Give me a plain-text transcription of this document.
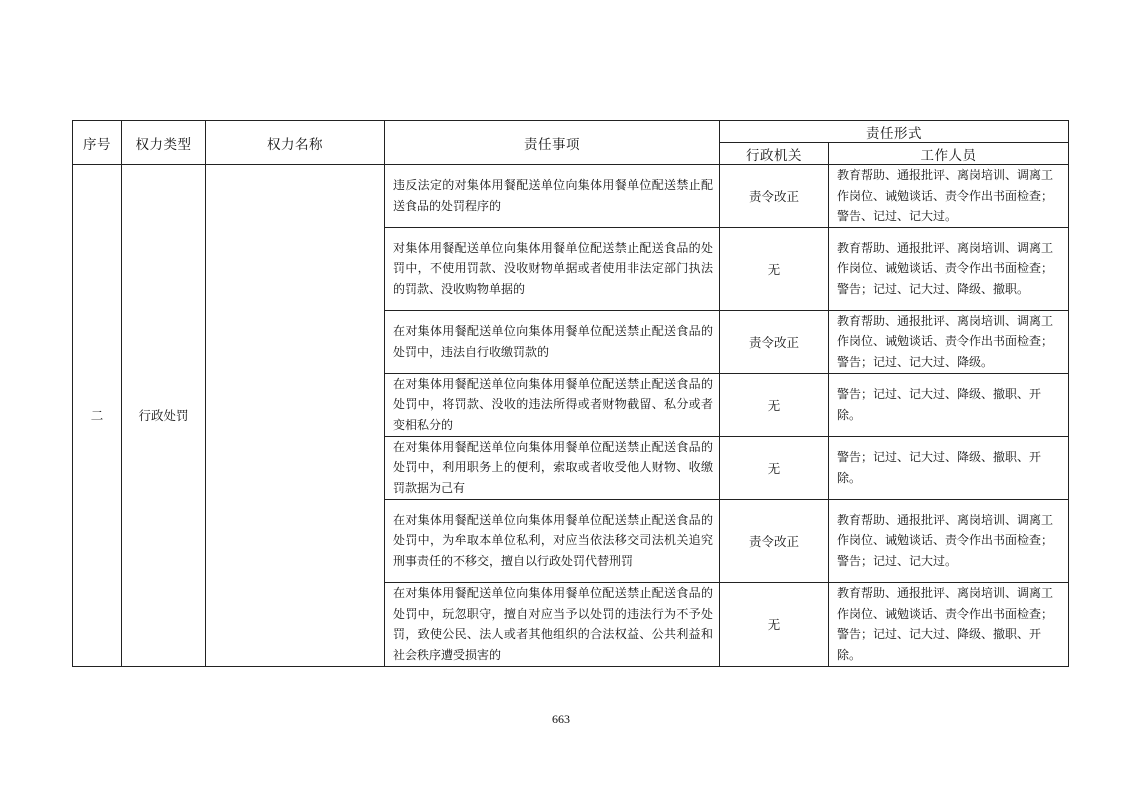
序号	权力类型	权力名称	责任事项	责任形式	
				行政机关	工作人员
二	行政处罚		违反法定的对集体用餐配送单位向集体用餐单位配送禁止配送食品的处罚程序的	责令改正	教育帮助、通报批评、离岗培训、调离工作岗位、诫勉谈话、责令作出书面检查；警告、记过、记大过。
			对集体用餐配送单位向集体用餐单位配送禁止配送食品的处罚中，不使用罚款、没收财物单据或者使用非法定部门执法的罚款、没收购物单据的	无	教育帮助、通报批评、离岗培训、调离工作岗位、诫勉谈话、责令作出书面检查；警告；记过、记大过、降级、撤职。
			在对集体用餐配送单位向集体用餐单位配送禁止配送食品的处罚中，违法自行收缴罚款的	责令改正	教育帮助、通报批评、离岗培训、调离工作岗位、诫勉谈话、责令作出书面检查；警告；记过、记大过、降级。
			在对集体用餐配送单位向集体用餐单位配送禁止配送食品的处罚中，将罚款、没收的违法所得或者财物截留、私分或者变相私分的	无	警告；记过、记大过、降级、撤职、开除。
			在对集体用餐配送单位向集体用餐单位配送禁止配送食品的处罚中，利用职务上的便利，索取或者收受他人财物、收缴罚款据为己有	无	警告；记过、记大过、降级、撤职、开除。
			在对集体用餐配送单位向集体用餐单位配送禁止配送食品的处罚中，为牟取本单位私利，对应当依法移交司法机关追究刑事责任的不移交，擅自以行政处罚代替刑罚	责令改正	教育帮助、通报批评、离岗培训、调离工作岗位、诫勉谈话、责令作出书面检查；警告；记过、记大过。
			在对集体用餐配送单位向集体用餐单位配送禁止配送食品的处罚中，玩忽职守，擅自对应当予以处罚的违法行为不予处罚，致使公民、法人或者其他组织的合法权益、公共利益和社会秩序遭受损害的	无	教育帮助、通报批评、离岗培训、调离工作岗位、诫勉谈话、责令作出书面检查；警告；记过、记大过、降级、撤职、开除。
663
